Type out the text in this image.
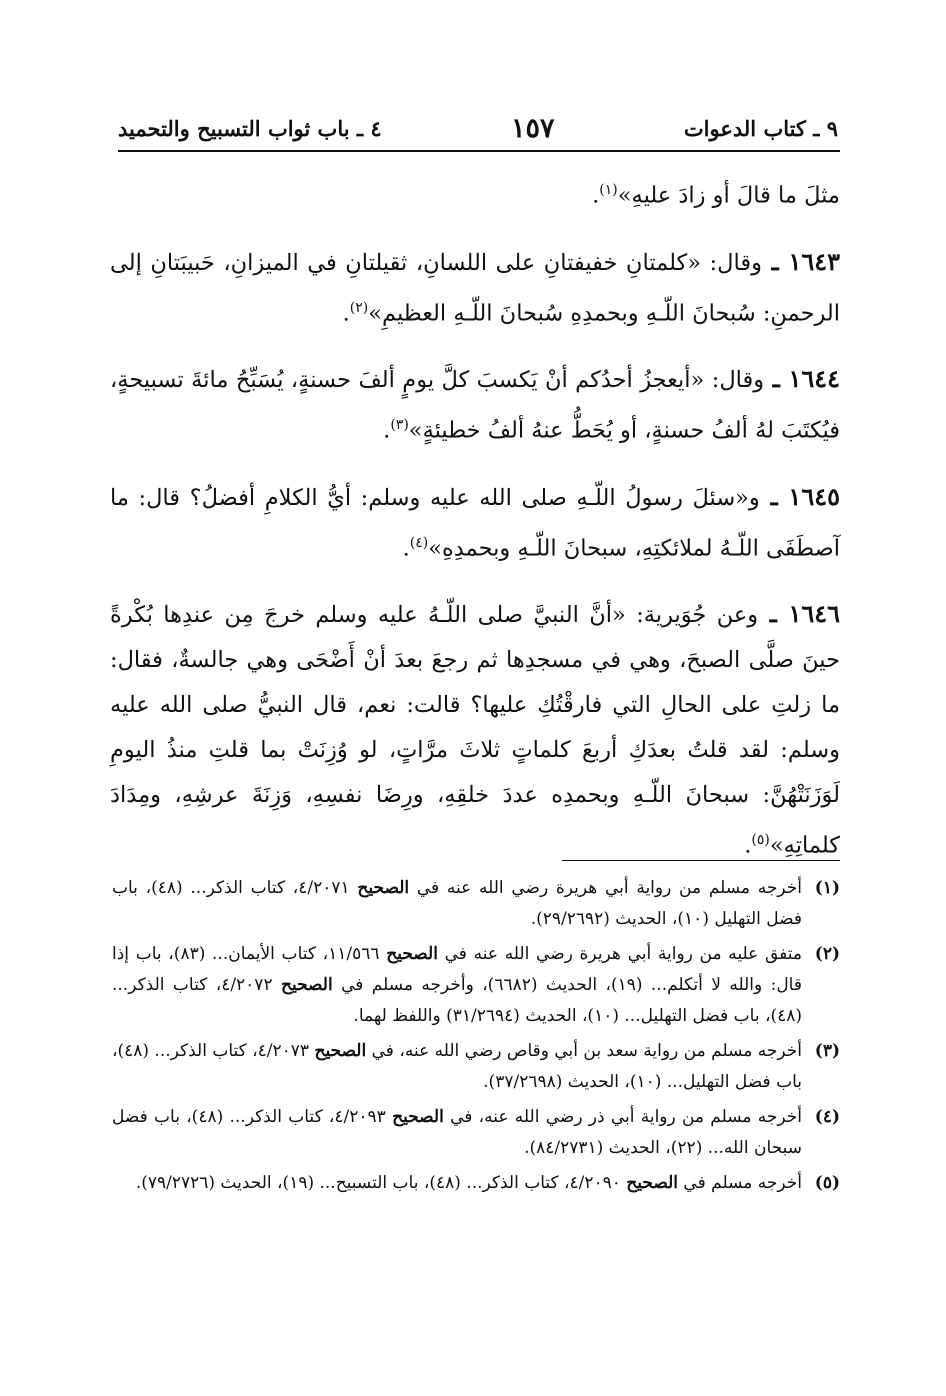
٩ ـ كتاب الدعوات
١٥٧
٤ ـ باب ثواب التسبيح والتحميد

مثلَ ما قالَ أو زادَ عليهِ»$^{(١)}$.

١٦٤٣ ـ وقال: «كلمتانِ خفيفتانِ على اللسانِ، ثقيلتانِ في الميزانِ، حَبيبَتانِ إلى الرحمنِ: سُبحانَ اللّـهِ وبحمدِهِ سُبحانَ اللّـهِ العظيمِ»$^{(٢)}$.

١٦٤٤ ـ وقال: «أيعجزُ أحدُكم أنْ يَكسبَ كلَّ يومٍ ألفَ حسنةٍ، يُسَبِّحُ مائةَ تسبيحةٍ، فيُكتَبَ لهُ ألفُ حسنةٍ، أو يُحَطُّ عنهُ ألفُ خطيئةٍ»$^{(٣)}$.

١٦٤٥ ـ و«سئلَ رسولُ اللّـهِ صلى الله عليه وسلم: أيُّ الكلامِ أفضلُ؟ قال: ما آصطَفَى اللّـهُ لملائكتِهِ، سبحانَ اللّـهِ وبحمدِهِ»$^{(٤)}$.

١٦٤٦ ـ وعن جُوَيرية: «أنَّ النبيَّ صلى اللّـهُ عليه وسلم خرجَ مِن عندِها بُكْرةً حينَ صلَّى الصبحَ، وهي في مسجدِها ثم رجعَ بعدَ أنْ أَضْحَى وهي جالسةٌ، فقال: ما زلتِ على الحالِ التي فارقْتُكِ عليها؟ قالت: نعم، قال النبيُّ صلى الله عليه وسلم: لقد قلتُ بعدَكِ أربعَ كلماتٍ ثلاثَ مرَّاتٍ، لو وُزِنَتْ بما قلتِ منذُ اليومِ لَوَزَنَتْهُنَّ: سبحانَ اللّـهِ وبحمدِه عددَ خلقِهِ، ورِضَا نفسِهِ، وَزِنَةَ عرشِهِ، ومِدَادَ كلماتِهِ»$^{(٥)}$.

(١)
أخرجه مسلم من رواية أبي هريرة رضي الله عنه في الصحيح ٤/٢٠٧١، كتاب الذكر... (٤٨)، باب فضل التهليل (١٠)، الحديث (٢٩/٢٦٩٢).
(٢)
متفق عليه من رواية أبي هريرة رضي الله عنه في الصحيح ١١/٥٦٦، كتاب الأيمان... (٨٣)، باب إذا قال: والله لا أتكلم... (١٩)، الحديث (٦٦٨٢)، وأخرجه مسلم في الصحيح ٤/٢٠٧٢، كتاب الذكر... (٤٨)، باب فضل التهليل... (١٠)، الحديث (٣١/٢٦٩٤) واللفظ لهما.
(٣)
أخرجه مسلم من رواية سعد بن أبي وقاص رضي الله عنه، في الصحيح ٤/٢٠٧٣، كتاب الذكر... (٤٨)، باب فضل التهليل... (١٠)، الحديث (٣٧/٢٦٩٨).
(٤)
أخرجه مسلم من رواية أبي ذر رضي الله عنه، في الصحيح ٤/٢٠٩٣، كتاب الذكر... (٤٨)، باب فضل سبحان الله... (٢٢)، الحديث (٨٤/٢٧٣١).
(٥)
أخرجه مسلم في الصحيح ٤/٢٠٩٠، كتاب الذكر... (٤٨)، باب التسبيح... (١٩)، الحديث (٧٩/٢٧٢٦).
